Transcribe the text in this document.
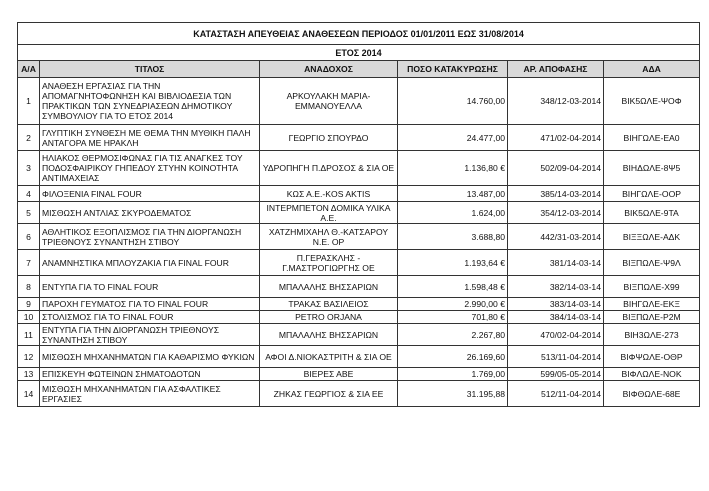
ΚΑΤΑΣΤΑΣΗ ΑΠΕΥΘΕΙΑΣ ΑΝΑΘΕΣΕΩΝ ΠΕΡΙΟΔΟΣ 01/01/2011 ΕΩΣ 31/08/2014					
ΕΤΟΣ 2014					
Α/Α	ΤΙΤΛΟΣ	ΑΝΑΔΟΧΟΣ	ΠΟΣΟ ΚΑΤΑΚΥΡΩΣΗΣ	ΑΡ. ΑΠΟΦΑΣΗΣ	ΑΔΑ
1	ΑΝΑΘΕΣΗ ΕΡΓΑΣΙΑΣ ΓΙΑ ΤΗΝ ΑΠΟΜΑΓΝΗΤΟΦΩΝΗΣΗ ΚΑΙ ΒΙΒΛΙΟΔΕΣΙΑ ΤΩΝ ΠΡΑΚΤΙΚΩΝ ΤΩΝ ΣΥΝΕΔΡΙΑΣΕΩΝ ΔΗΜΟΤΙΚΟΥ ΣΥΜΒΟΥΛΙΟΥ ΓΙΑ ΤΟ ΕΤΟΣ 2014	ΑΡΚΟΥΛΑΚΗ ΜΑΡΙΑ-ΕΜΜΑΝΟΥΕΛΛΑ	14.760,00	348/12-03-2014	ΒΙΚ5ΩΛΕ-ΨΟΦ
2	ΓΛΥΠΤΙΚΗ ΣΥΝΘΕΣΗ ΜΕ ΘΕΜΑ ΤΗΝ ΜΥΘΙΚΗ ΠΑΛΗ ΑΝΤΑΓΟΡΑ ΜΕ ΗΡΑΚΛΗ	ΓΕΩΡΓΙΟ ΣΠΟΥΡΔΟ	24.477,00	471/02-04-2014	ΒΙΗΓΩΛΕ-ΕΑ0
3	ΗΛΙΑΚΟΣ ΘΕΡΜΟΣΙΦΩΝΑΣ ΓΙΑ ΤΙΣ ΑΝΑΓΚΕΣ ΤΟΥ ΠΟΔΟΣΦΑΙΡΙΚΟΥ ΓΗΠΕΔΟΥ ΣΤΥΗΝ ΚΟΙΝΟΤΗΤΑ ΑΝΤΙΜΑΧΕΙΑΣ	ΥΔΡΟΠΗΓΗ Π.ΔΡΟΣΟΣ & ΣΙΑ ΟΕ	1.136,80 €	502/09-04-2014	ΒΙΗΔΩΛΕ-8Ψ5
4	ΦΙΛΟΞΕΝΙΑ FINAL FOUR	ΚΩΣ Α.Ε.-KOS AKTIS	13.487,00	385/14-03-2014	ΒΙΗΓΩΛΕ-ΟΟΡ
5	ΜΙΣΘΩΣΗ ΑΝΤΛΙΑΣ ΣΚΥΡΟΔΕΜΑΤΟΣ	ΙΝΤΕΡΜΠΕΤΟΝ ΔΟΜΙΚΑ ΥΛΙΚΑ Α.Ε.	1.624,00	354/12-03-2014	ΒΙΚ5ΩΛΕ-9ΤΑ
6	ΑΘΛΗΤΙΚΟΣ ΕΞΟΠΛΙΣΜΟΣ ΓΙΑ ΤΗΝ ΔΙΟΡΓΑΝΩΣΗ ΤΡΙΕΘΝΟΥΣ ΣΥΝΑΝΤΗΣΗ ΣΤΙΒΟΥ	ΧΑΤΖΗΜΙΧΑΗΛ Θ.-ΚΑΤΣΑΡΟΥ Ν.Ε. ΟΡ	3.688,80	442/31-03-2014	ΒΙΞΞΩΛΕ-ΑΔΚ
7	ΑΝΑΜΝΗΣΤΙΚΑ ΜΠΛΟΥΖΑΚΙΑ ΓΙΑ FINAL FOUR	Π.ΓΕΡΑΣΚΛΗΣ - Γ.ΜΑΣΤΡΟΓΙΩΡΓΗΣ ΟΕ	1.193,64 €	381/14-03-14	ΒΙΞΠΩΛΕ-Ψ9Λ
8	ΕΝΤΥΠΑ ΓΙΑ ΤΟ FINAL FOUR	ΜΠΑΛΑΛΗΣ ΒΗΣΣΑΡΙΩΝ	1.598,48 €	382/14-03-14	ΒΙΞΠΩΛΕ-Χ99
9	ΠΑΡΟΧΗ ΓΕΥΜΑΤΟΣ ΓΙΑ ΤΟ FINAL FOUR	ΤΡΑΚΑΣ ΒΑΣΙΛΕΙΟΣ	2.990,00 €	383/14-03-14	ΒΙΗΓΩΛΕ-ΕΚΞ
10	ΣΤΟΛΙΣΜΟΣ ΓΙΑ ΤΟ FINAL FOUR	PETRO ORJANA	701,80 €	384/14-03-14	ΒΙΞΠΩΛΕ-Ρ2Μ
11	ΕΝΤΥΠΑ ΓΙΑ ΤΗΝ ΔΙΟΡΓΑΝΩΣΗ ΤΡΙΕΘΝΟΥΣ ΣΥΝΑΝΤΗΣΗ ΣΤΙΒΟΥ	ΜΠΑΛΑΛΗΣ ΒΗΣΣΑΡΙΩΝ	2.267,80	470/02-04-2014	ΒΙΗ3ΩΛΕ-273
12	ΜΙΣΘΩΣΗ ΜΗΧΑΝΗΜΑΤΩΝ ΓΙΑ ΚΑΘΑΡΙΣΜΟ ΦΥΚΙΩΝ	ΑΦΟΙ Δ.ΝΙΟΚΑΣΤΡΙΤΗ & ΣΙΑ ΟΕ	26.169,60	513/11-04-2014	ΒΙΦΨΩΛΕ-ΟΘΡ
13	ΕΠΙΣΚΕΥΗ ΦΩΤΕΙΝΩΝ ΣΗΜΑΤΟΔΟΤΩΝ	ΒΙΕΡΕΣ ΑΒΕ	1.769,00	599/05-05-2014	ΒΙΦΛΩΛΕ-ΝΟΚ
14	ΜΙΣΘΩΣΗ ΜΗΧΑΝΗΜΑΤΩΝ ΓΙΑ ΑΣΦΑΛΤΙΚΕΣ ΕΡΓΑΣΙΕΣ	ΖΗΚΑΣ ΓΕΩΡΓΙΟΣ & ΣΙΑ ΕΕ	31.195,88	512/11-04-2014	ΒΙΦΘΩΛΕ-68Ε
